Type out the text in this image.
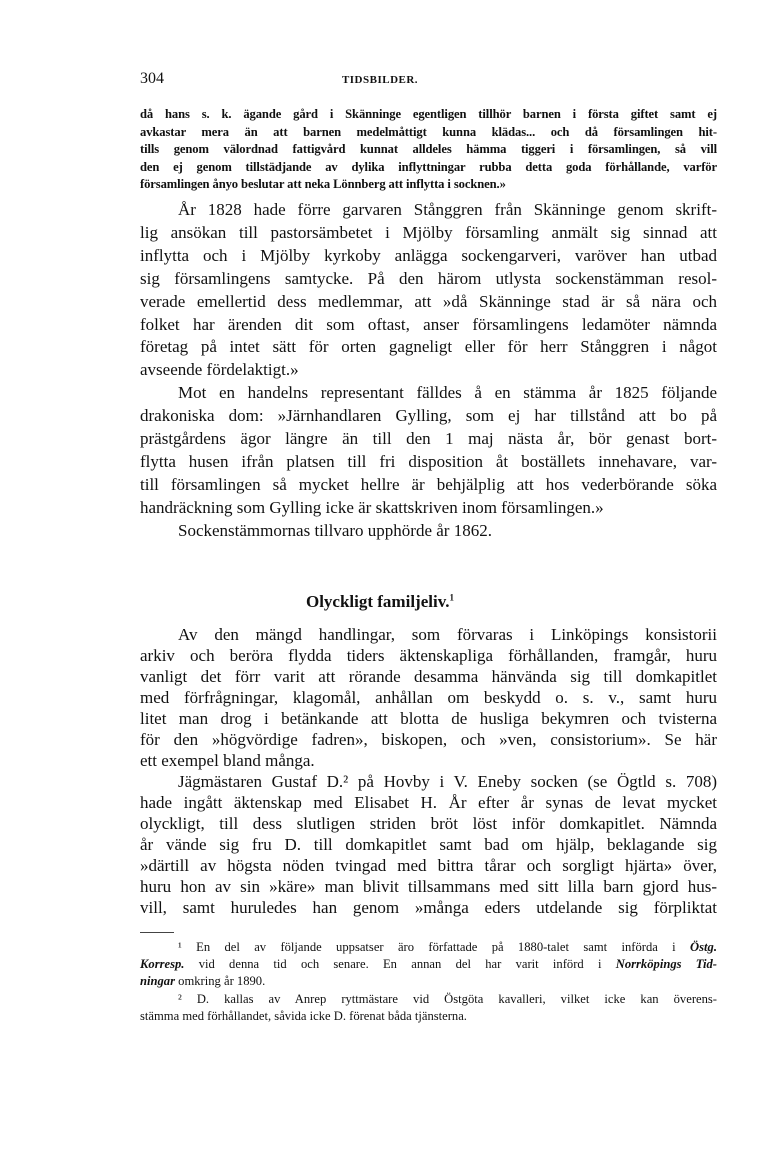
304	TIDSBILDER.
då hans s. k. ägande gård i Skänninge egentligen tillhör barnen i första giftet samt ej
avkastar mera än att barnen medelmåttigt kunna klädas... och då församlingen hit-
tills genom välordnad fattigvård kunnat alldeles hämma tiggeri i församlingen, så vill
den ej genom tillstädjande av dylika inflyttningar rubba detta goda förhållande, varför
församlingen ånyo beslutar att neka Lönnberg att inflytta i socknen.»
År 1828 hade förre garvaren Stånggren från Skänninge genom skrift-
lig ansökan till pastorsämbetet i Mjölby församling anmält sig sinnad att
inflytta och i Mjölby kyrkoby anlägga sockengarveri, varöver han utbad
sig församlingens samtycke. På den härom utlysta sockenstämman resol-
verade emellertid dess medlemmar, att »då Skänninge stad är så nära och
folket har ärenden dit som oftast, anser församlingens ledamöter nämnda
företag på intet sätt för orten gagneligt eller för herr Stånggren i något
avseende fördelaktigt.»
Mot en handelns representant fälldes å en stämma år 1825 följande
drakoniska dom: »Järnhandlaren Gylling, som ej har tillstånd att bo på
prästgårdens ägor längre än till den 1 maj nästa år, bör genast bort-
flytta husen ifrån platsen till fri disposition åt boställets innehavare, var-
till församlingen så mycket hellre är behjälplig att hos vederbörande söka
handräckning som Gylling icke är skattskriven inom församlingen.»
Sockenstämmornas tillvaro upphörde år 1862.
Olyckligt familjeliv.$^1$
Av den mängd handlingar, som förvaras i Linköpings konsistorii
arkiv och beröra flydda tiders äktenskapliga förhållanden, framgår, huru
vanligt det förr varit att rörande desamma hänvända sig till domkapitlet
med förfrågningar, klagomål, anhållan om beskydd o. s. v., samt huru
litet man drog i betänkande att blotta de husliga bekymren och tvisterna
för den »högvördige fadren», biskopen, och »ven, consistorium». Se här
ett exempel bland många.
Jägmästaren Gustaf D.² på Hovby i V. Eneby socken (se Ögtld s. 708)
hade ingått äktenskap med Elisabet H. År efter år synas de levat mycket
olyckligt, till dess slutligen striden bröt löst inför domkapitlet. Nämnda
år vände sig fru D. till domkapitlet samt bad om hjälp, beklagande sig
»därtill av högsta nöden tvingad med bittra tårar och sorgligt hjärta» över,
huru hon av sin »käre» man blivit tillsammans med sitt lilla barn gjord hus-
vill, samt huruledes han genom »många eders utdelande sig förpliktat
¹ En del av följande uppsatser äro författade på 1880-talet samt införda i Östg.
Korresp. vid denna tid och senare. En annan del har varit införd i Norrköpings Tid-
ningar omkring år 1890.
² D. kallas av Anrep ryttmästare vid Östgöta kavalleri, vilket icke kan överens-
stämma med förhållandet, såvida icke D. förenat båda tjänsterna.
